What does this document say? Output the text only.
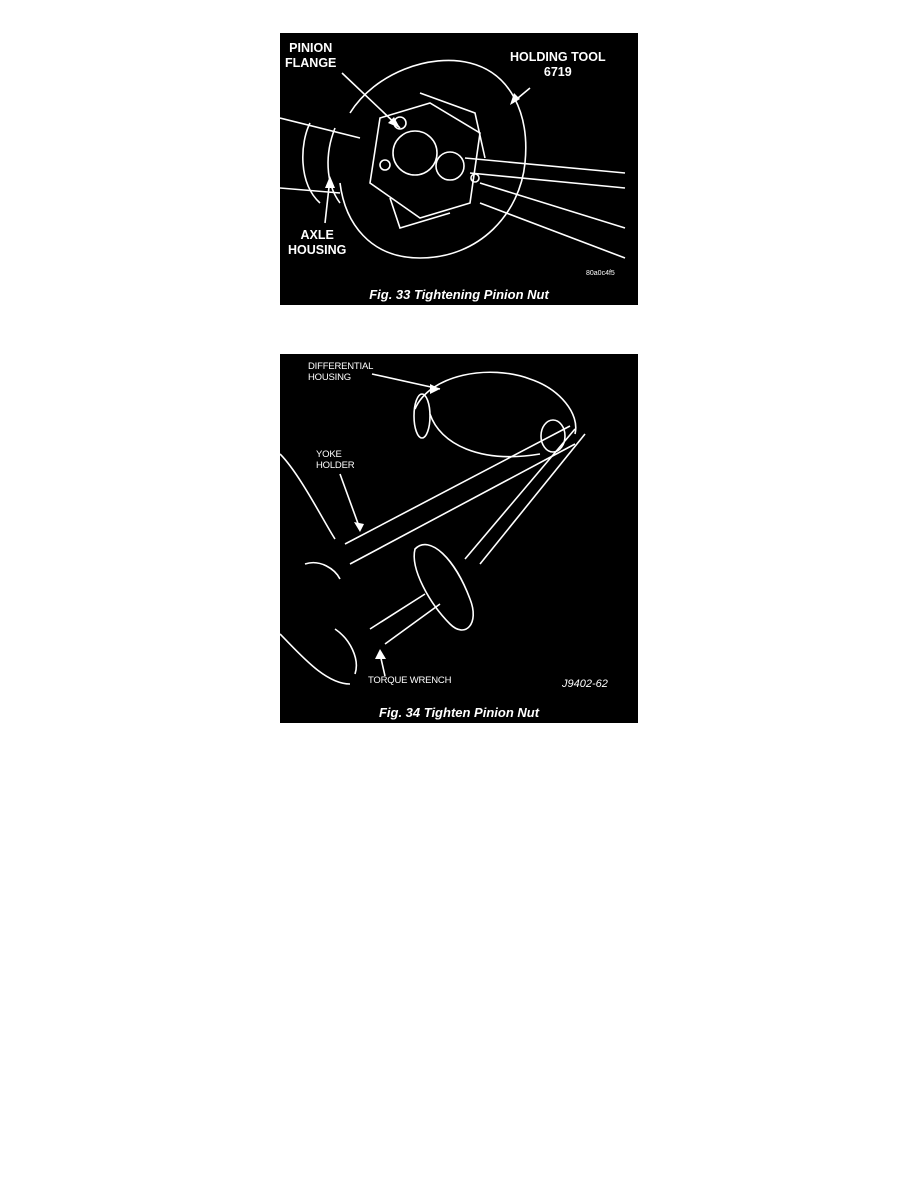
PINION
FLANGE	HOLDING TOOL
6719
AXLE
HOUSING
80a0c4f5
Fig. 33 Tightening Pinion Nut
DIFFERENTIAL
HOUSING
YOKE
HOLDER
TORQUE WRENCH	J9402-62
Fig. 34 Tighten Pinion Nut
